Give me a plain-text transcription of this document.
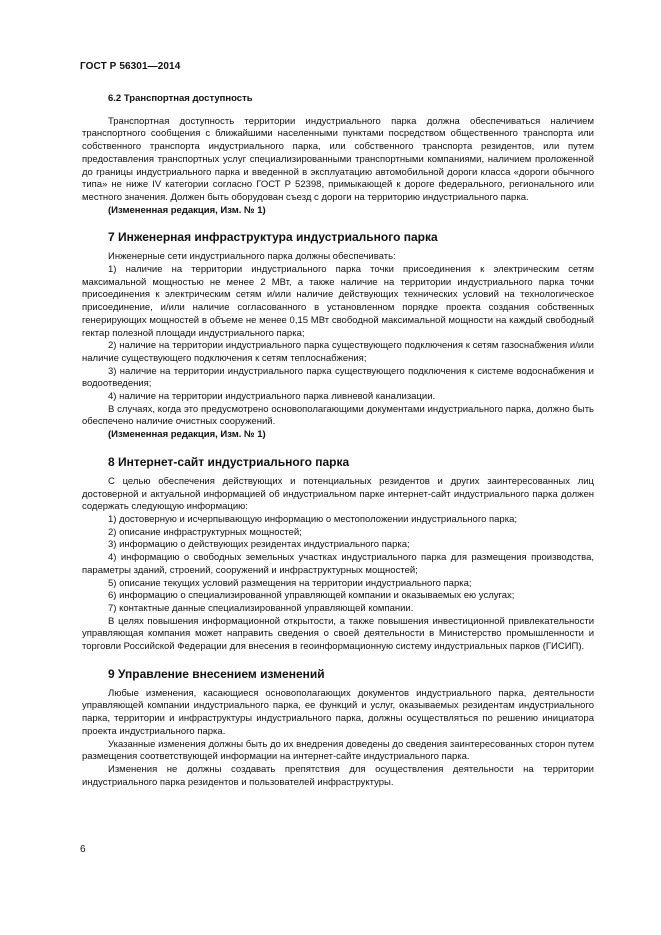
ГОСТ Р 56301—2014

6.2 Транспортная доступность

Транспортная доступность территории индустриального парка должна обеспечиваться наличием транспортного сообщения с ближайшими населенными пунктами посредством общественного транспорта или собственного транспорта индустриального парка, или собственного транспорта резидентов, или путем предоставления транспортных услуг специализированными транспортными компаниями, наличием проложенной до границы индустриального парка и введенной в эксплуатацию автомобильной дороги класса «дороги обычного типа» не ниже IV категории согласно ГОСТ Р 52398, примыкающей к дороге федерального, регионального или местного значения. Должен быть оборудован съезд с дороги на территорию индустриального парка.

(Измененная редакция, Изм. № 1)

7 Инженерная инфраструктура индустриального парка

Инженерные сети индустриального парка должны обеспечивать:

1) наличие на территории индустриального парка точки присоединения к электрическим сетям максимальной мощностью не менее 2 МВт, а также наличие на территории индустриального парка точки присоединения к электрическим сетям и/или наличие действующих технических условий на технологическое присоединение, и/или наличие согласованного в установленном порядке проекта создания собственных генерирующих мощностей в объеме не менее 0,15 МВт свободной максимальной мощности на каждый свободный гектар полезной площади индустриального парка;

2) наличие на территории индустриального парка существующего подключения к сетям газоснабжения и/или наличие существующего подключения к сетям теплоснабжения;

3) наличие на территории индустриального парка существующего подключения к системе водоснабжения и водоотведения;

4) наличие на территории индустриального парка ливневой канализации.

В случаях, когда это предусмотрено основополагающими документами индустриального парка, должно быть обеспечено наличие очистных сооружений.

(Измененная редакция, Изм. № 1)

8 Интернет-сайт индустриального парка

С целью обеспечения действующих и потенциальных резидентов и других заинтересованных лиц достоверной и актуальной информацией об индустриальном парке интернет-сайт индустриального парка должен содержать следующую информацию:

1) достоверную и исчерпывающую информацию о местоположении индустриального парка;

2) описание инфраструктурных мощностей;

3) информацию о действующих резидентах индустриального парка;

4) информацию о свободных земельных участках индустриального парка для размещения производства, параметры зданий, строений, сооружений и инфраструктурных мощностей;

5) описание текущих условий размещения на территории индустриального парка;

6) информацию о специализированной управляющей компании и оказываемых ею услугах;

7) контактные данные специализированной управляющей компании.

В целях повышения информационной открытости, а также повышения инвестиционной привлекательности управляющая компания может направить сведения о своей деятельности в Министерство промышленности и торговли Российской Федерации для внесения в геоинформационную систему индустриальных парков (ГИСИП).

9 Управление внесением изменений

Любые изменения, касающиеся основополагающих документов индустриального парка, деятельности управляющей компании индустриального парка, ее функций и услуг, оказываемых резидентам индустриального парка, территории и инфраструктуры индустриального парка, должны осуществляться по решению инициатора проекта индустриального парка.

Указанные изменения должны быть до их внедрения доведены до сведения заинтересованных сторон путем размещения соответствующей информации на интернет-сайте индустриального парка.

Изменения не должны создавать препятствия для осуществления деятельности на территории индустриального парка резидентов и пользователей инфраструктуры.

6
